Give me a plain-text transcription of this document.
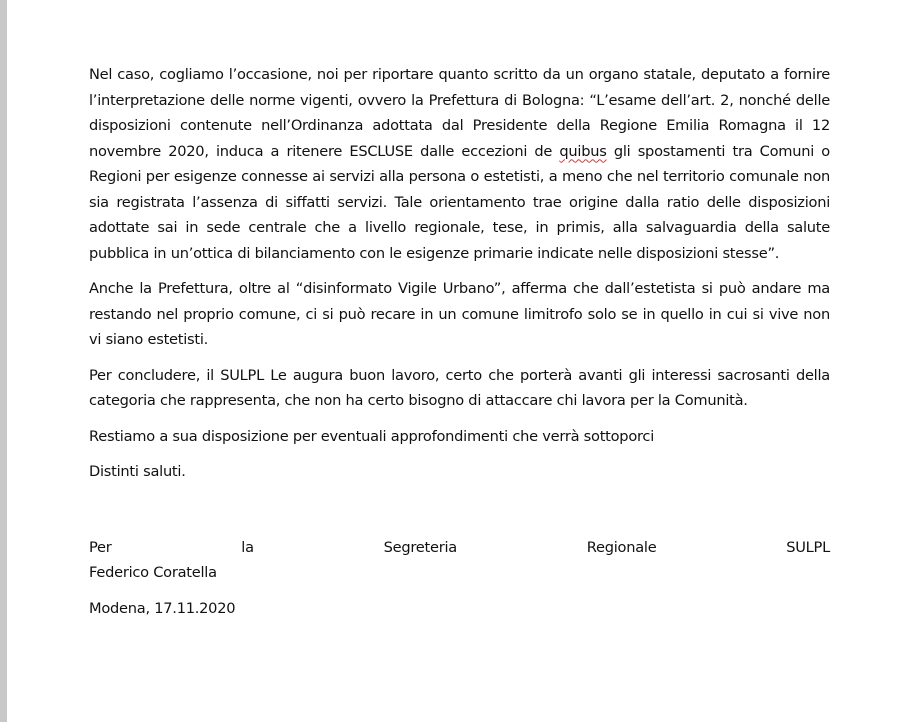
Nel caso, cogliamo l’occasione, noi per riportare quanto scritto da un organo statale, deputato a fornire l’interpretazione delle norme vigenti, ovvero la Prefettura di Bologna: “L’esame dell’art. 2, nonché delle disposizioni contenute nell’Ordinanza adottata dal Presidente della Regione Emilia Romagna il 12 novembre 2020, induca a ritenere ESCLUSE dalle eccezioni de quibus gli spostamenti tra Comuni o Regioni per esigenze connesse ai servizi alla persona o estetisti, a meno che nel territorio comunale non sia registrata l’assenza di siffatti servizi. Tale orientamento trae origine dalla ratio delle disposizioni adottate sai in sede centrale che a livello regionale, tese, in primis, alla salvaguardia della salute pubblica in un’ottica di bilanciamento con le esigenze primarie indicate nelle disposizioni stesse”.

Anche la Prefettura, oltre al “disinformato Vigile Urbano”, afferma che dall’estetista si può andare ma restando nel proprio comune, ci si può recare in un comune limitrofo solo se in quello in cui si vive non vi siano estetisti.

Per concludere, il SULPL Le augura buon lavoro, certo che porterà avanti gli interessi sacrosanti della categoria che rappresenta, che non ha certo bisogno di attaccare chi lavora per la Comunità.

Restiamo a sua disposizione per eventuali approfondimenti che verrà sottoporci

Distinti saluti.

Per	la	Segreteria	Regionale	SULPL

Federico Coratella

Modena, 17.11.2020
